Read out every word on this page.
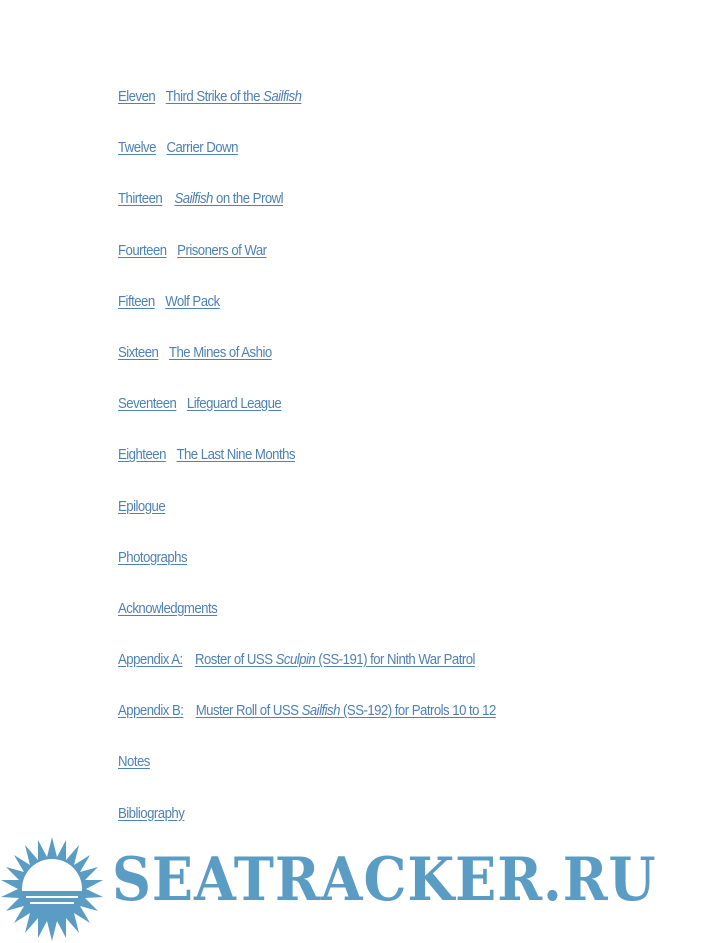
Eleven Third Strike of the Sailfish
Twelve Carrier Down
Thirteen Sailfish on the Prowl
Fourteen Prisoners of War
Fifteen Wolf Pack
Sixteen The Mines of Ashio
Seventeen Lifeguard League
Eighteen The Last Nine Months
Epilogue
Photographs
Acknowledgments
Appendix A: Roster of USS Sculpin (SS-191) for Ninth War Patrol
Appendix B: Muster Roll of USS Sailfish (SS-192) for Patrols 10 to 12
Notes
Bibliography
SEATRACKER.RU
